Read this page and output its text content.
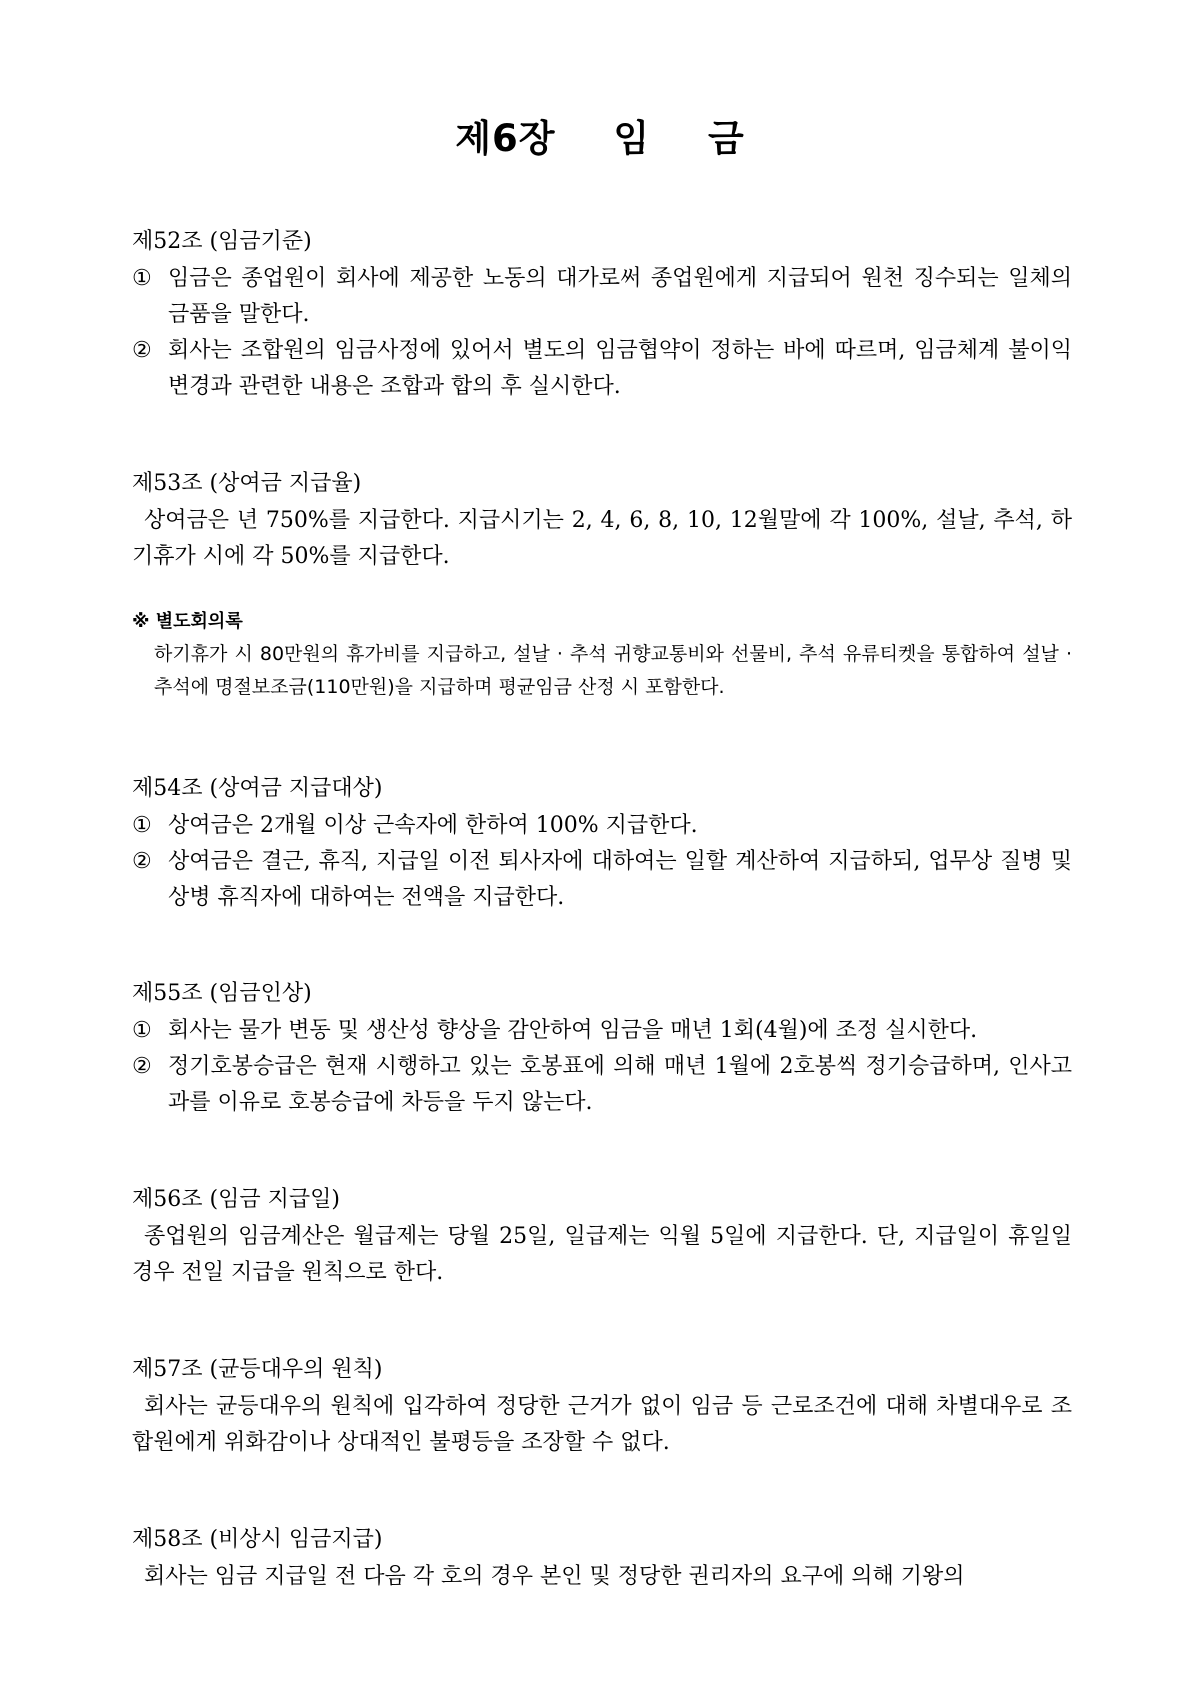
제6장 임 금
제52조 (임금기준)
① 임금은 종업원이 회사에 제공한 노동의 대가로써 종업원에게 지급되어 원천 징수되는 일체의 금품을 말한다.
② 회사는 조합원의 임금사정에 있어서 별도의 임금협약이 정하는 바에 따르며, 임금체계 불이익 변경과 관련한 내용은 조합과 합의 후 실시한다.
제53조 (상여금 지급율)
상여금은 년 750%를 지급한다. 지급시기는 2, 4, 6, 8, 10, 12월말에 각 100%, 설날, 추석, 하기휴가 시에 각 50%를 지급한다.
※ 별도회의록
하기휴가 시 80만원의 휴가비를 지급하고, 설날 · 추석 귀향교통비와 선물비, 추석 유류티켓을 통합하여 설날 · 추석에 명절보조금(110만원)을 지급하며 평균임금 산정 시 포함한다.
제54조 (상여금 지급대상)
① 상여금은 2개월 이상 근속자에 한하여 100% 지급한다.
② 상여금은 결근, 휴직, 지급일 이전 퇴사자에 대하여는 일할 계산하여 지급하되, 업무상 질병 및 상병 휴직자에 대하여는 전액을 지급한다.
제55조 (임금인상)
① 회사는 물가 변동 및 생산성 향상을 감안하여 임금을 매년 1회(4월)에 조정 실시한다.
② 정기호봉승급은 현재 시행하고 있는 호봉표에 의해 매년 1월에 2호봉씩 정기승급하며, 인사고과를 이유로 호봉승급에 차등을 두지 않는다.
제56조 (임금 지급일)
종업원의 임금계산은 월급제는 당월 25일, 일급제는 익월 5일에 지급한다. 단, 지급일이 휴일일 경우 전일 지급을 원칙으로 한다.
제57조 (균등대우의 원칙)
회사는 균등대우의 원칙에 입각하여 정당한 근거가 없이 임금 등 근로조건에 대해 차별대우로 조합원에게 위화감이나 상대적인 불평등을 조장할 수 없다.
제58조 (비상시 임금지급)
회사는 임금 지급일 전 다음 각 호의 경우 본인 및 정당한 권리자의 요구에 의해 기왕의
